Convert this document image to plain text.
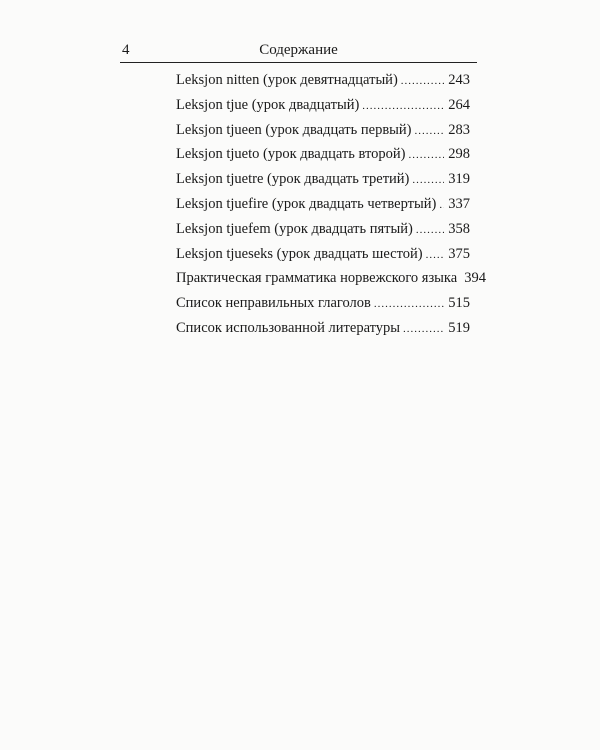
4	Содержание
Leksjon nitten (урок девятнадцатый) .....	243
Leksjon tjue (урок двадцатый) .....	264
Leksjon tjueen (урок двадцать первый) .....	283
Leksjon tjueto (урок двадцать второй) .....	298
Leksjon tjuetre (урок двадцать третий) .....	319
Leksjon tjuefire (урок двадцать четвертый) ..... 337
Leksjon tjuefem (урок двадцать пятый) ..... 358
Leksjon tjueseks (урок двадцать шестой) ..... 375
Практическая грамматика норвежского языка 394
Список неправильных глаголов .....	515
Список использованной литературы .....	519
